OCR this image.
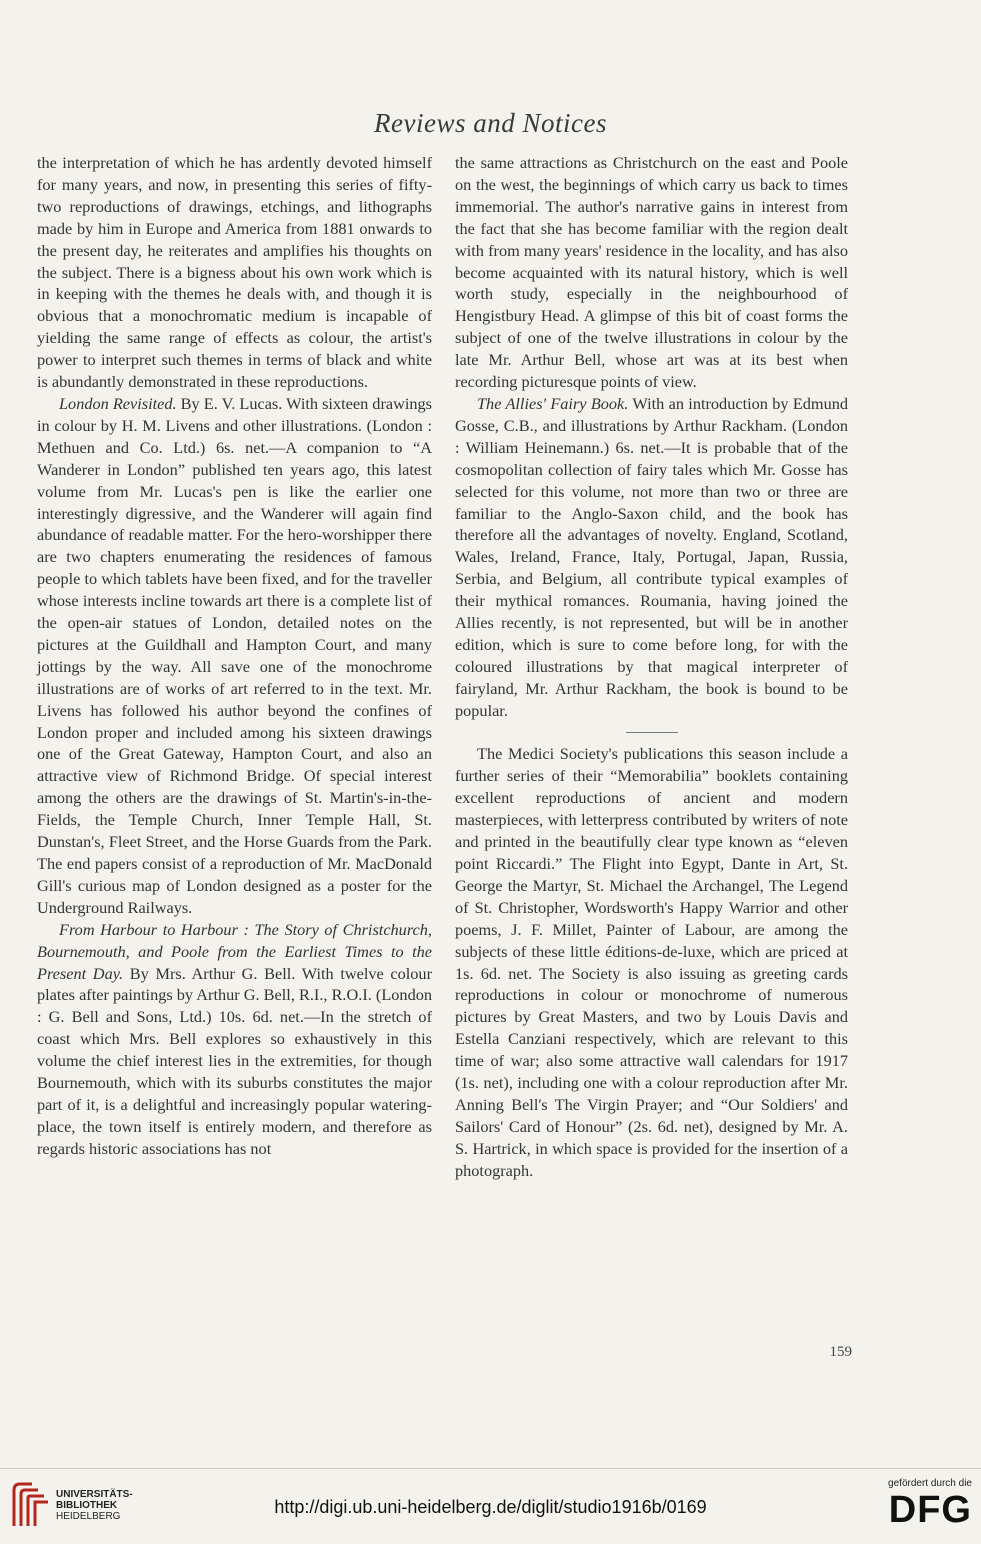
Reviews and Notices

the interpretation of which he has ardently devoted himself for many years, and now, in presenting this series of fifty-two reproductions of drawings, etchings, and lithographs made by him in Europe and America from 1881 onwards to the present day, he reiterates and amplifies his thoughts on the subject. There is a bigness about his own work which is in keeping with the themes he deals with, and though it is obvious that a monochromatic medium is incapable of yielding the same range of effects as colour, the artist's power to interpret such themes in terms of black and white is abundantly demonstrated in these reproductions.

London Revisited. By E. V. Lucas. With sixteen drawings in colour by H. M. Livens and other illustrations. (London : Methuen and Co. Ltd.) 6s. net.—A companion to “A Wanderer in London” published ten years ago, this latest volume from Mr. Lucas's pen is like the earlier one interestingly digressive, and the Wanderer will again find abundance of readable matter. For the hero-worshipper there are two chapters enumerating the residences of famous people to which tablets have been fixed, and for the traveller whose interests incline towards art there is a complete list of the open-air statues of London, detailed notes on the pictures at the Guildhall and Hampton Court, and many jottings by the way. All save one of the monochrome illustrations are of works of art referred to in the text. Mr. Livens has followed his author beyond the confines of London proper and included among his sixteen drawings one of the Great Gateway, Hampton Court, and also an attractive view of Richmond Bridge. Of special interest among the others are the drawings of St. Martin's-in-the-Fields, the Temple Church, Inner Temple Hall, St. Dunstan's, Fleet Street, and the Horse Guards from the Park. The end papers consist of a reproduction of Mr. MacDonald Gill's curious map of London designed as a poster for the Underground Railways.

From Harbour to Harbour : The Story of Christchurch, Bournemouth, and Poole from the Earliest Times to the Present Day. By Mrs. Arthur G. Bell. With twelve colour plates after paintings by Arthur G. Bell, R.I., R.O.I. (London : G. Bell and Sons, Ltd.) 10s. 6d. net.—In the stretch of coast which Mrs. Bell explores so exhaustively in this volume the chief interest lies in the extremities, for though Bournemouth, which with its suburbs constitutes the major part of it, is a delightful and increasingly popular watering-place, the town itself is entirely modern, and therefore as regards historic associations has not

the same attractions as Christchurch on the east and Poole on the west, the beginnings of which carry us back to times immemorial. The author's narrative gains in interest from the fact that she has become familiar with the region dealt with from many years' residence in the locality, and has also become acquainted with its natural history, which is well worth study, especially in the neighbourhood of Hengistbury Head. A glimpse of this bit of coast forms the subject of one of the twelve illustrations in colour by the late Mr. Arthur Bell, whose art was at its best when recording picturesque points of view.

The Allies' Fairy Book. With an introduction by Edmund Gosse, C.B., and illustrations by Arthur Rackham. (London : William Heinemann.) 6s. net.—It is probable that of the cosmopolitan collection of fairy tales which Mr. Gosse has selected for this volume, not more than two or three are familiar to the Anglo-Saxon child, and the book has therefore all the advantages of novelty. England, Scotland, Wales, Ireland, France, Italy, Portugal, Japan, Russia, Serbia, and Belgium, all contribute typical examples of their mythical romances. Roumania, having joined the Allies recently, is not represented, but will be in another edition, which is sure to come before long, for with the coloured illustrations by that magical interpreter of fairyland, Mr. Arthur Rackham, the book is bound to be popular.

The Medici Society's publications this season include a further series of their “Memorabilia” booklets containing excellent reproductions of ancient and modern masterpieces, with letterpress contributed by writers of note and printed in the beautifully clear type known as “eleven point Riccardi.” The Flight into Egypt, Dante in Art, St. George the Martyr, St. Michael the Archangel, The Legend of St. Christopher, Wordsworth's Happy Warrior and other poems, J. F. Millet, Painter of Labour, are among the subjects of these little éditions-de-luxe, which are priced at 1s. 6d. net. The Society is also issuing as greeting cards reproductions in colour or monochrome of numerous pictures by Great Masters, and two by Louis Davis and Estella Canziani respectively, which are relevant to this time of war; also some attractive wall calendars for 1917 (1s. net), including one with a colour reproduction after Mr. Anning Bell's The Virgin Prayer; and “Our Soldiers' and Sailors' Card of Honour” (2s. 6d. net), designed by Mr. A. S. Hartrick, in which space is provided for the insertion of a photograph.

159
UNIVERSITÄTS-
BIBLIOTHEK
HEIDELBERG	http://digi.ub.uni-heidelberg.de/diglit/studio1916b/0169
gefördert durch die
DFG
